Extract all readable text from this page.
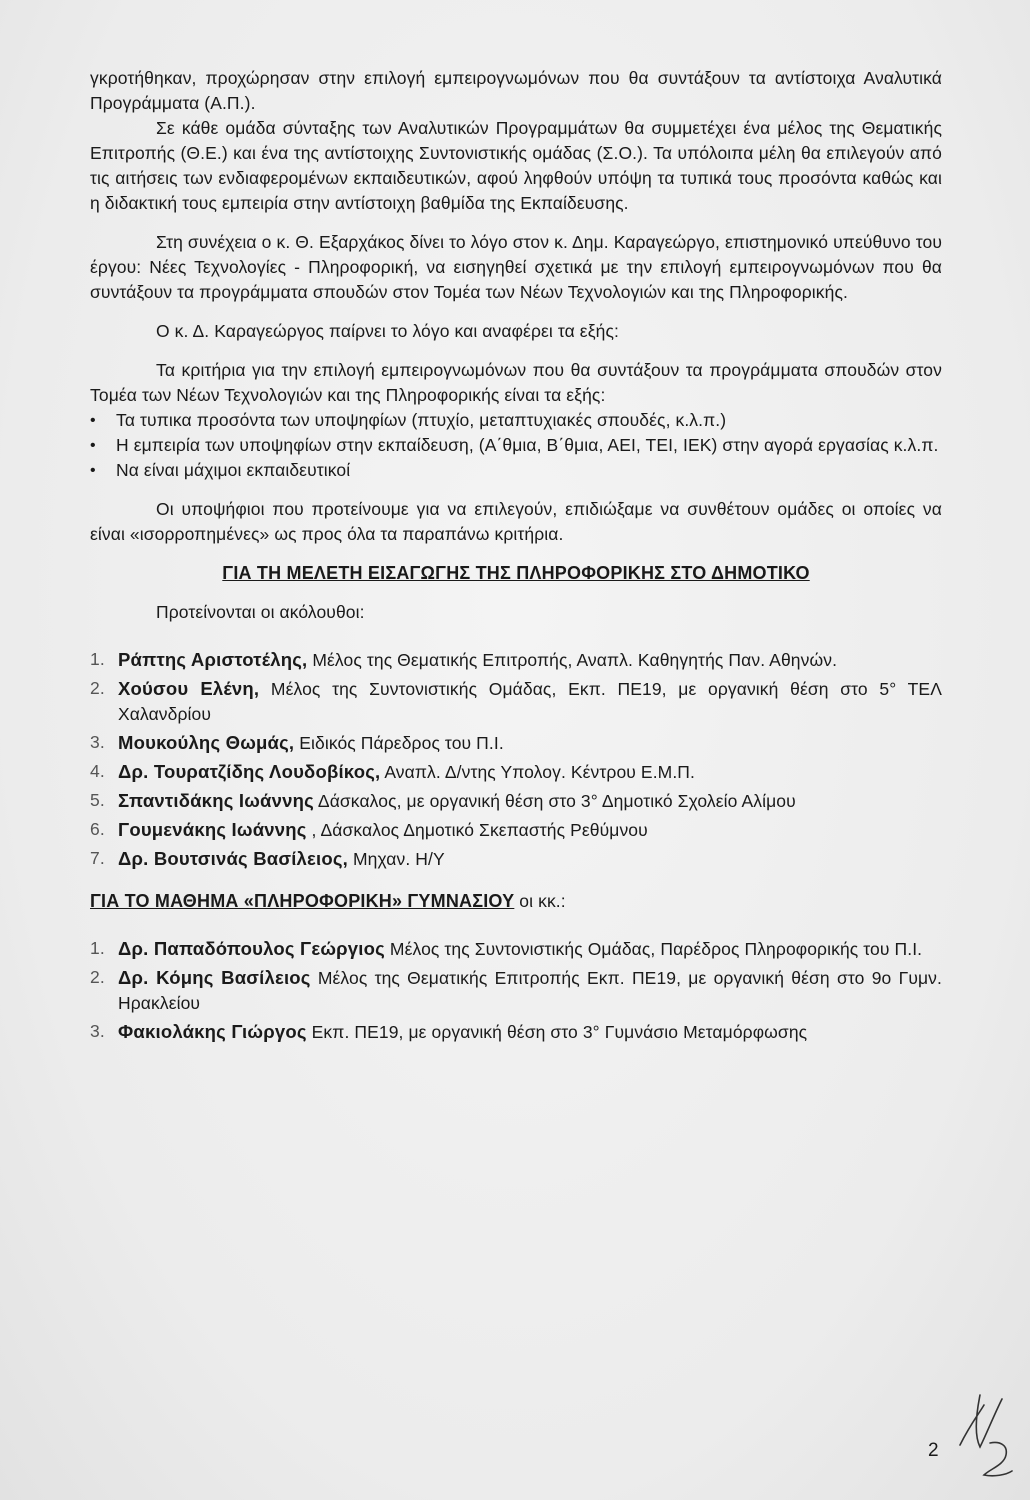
γκροτήθηκαν, προχώρησαν στην επιλογή εμπειρογνωμόνων που θα συντάξουν τα αντίστοιχα Αναλυτικά Προγράμματα (Α.Π.).

Σε κάθε ομάδα σύνταξης των Αναλυτικών Προγραμμάτων θα συμμετέχει ένα μέλος της Θεματικής Επιτροπής (Θ.Ε.) και ένα της αντίστοιχης Συντονιστικής ομάδας (Σ.Ο.). Τα υπόλοιπα μέλη θα επιλεγούν από τις αιτήσεις των ενδιαφερομένων εκπαιδευτικών, αφού ληφθούν υπόψη τα τυπικά τους προσόντα καθώς και η διδακτική τους εμπειρία στην αντίστοιχη βαθμίδα της Εκπαίδευσης.

Στη συνέχεια ο κ. Θ. Εξαρχάκος δίνει το λόγο στον κ. Δημ. Καραγεώργο, επιστημονικό υπεύθυνο του έργου: Νέες Τεχνολογίες - Πληροφορική, να εισηγηθεί σχετικά με την επιλογή εμπειρογνωμόνων που θα συντάξουν τα προγράμματα σπουδών στον Τομέα των Νέων Τεχνολογιών και της Πληροφορικής.

Ο κ. Δ. Καραγεώργος παίρνει το λόγο και αναφέρει τα εξής:

Τα κριτήρια για την επιλογή εμπειρογνωμόνων που θα συντάξουν τα προγράμματα σπουδών στον Τομέα των Νέων Τεχνολογιών και της Πληροφορικής είναι τα εξής:

• Τα τυπικα προσόντα των υποψηφίων (πτυχίο, μεταπτυχιακές σπουδές, κ.λ.π.)
• Η εμπειρία των υποψηφίων στην εκπαίδευση, (Α΄θμια, Β΄θμια, ΑΕΙ, ΤΕΙ, ΙΕΚ) στην αγορά εργασίας κ.λ.π.
• Να είναι μάχιμοι εκπαιδευτικοί

Οι υποψήφιοι που προτείνουμε για να επιλεγούν, επιδιώξαμε να συνθέτουν ομάδες οι οποίες να είναι «ισορροπημένες» ως προς όλα τα παραπάνω κριτήρια.

ΓΙΑ ΤΗ ΜΕΛΕΤΗ ΕΙΣΑΓΩΓΗΣ ΤΗΣ ΠΛΗΡΟΦΟΡΙΚΗΣ ΣΤΟ ΔΗΜΟΤΙΚΟ

Προτείνονται οι ακόλουθοι:

1. Ράπτης Αριστοτέλης, Μέλος της Θεματικής Επιτροπής, Αναπλ. Καθηγητής Παν. Αθηνών.
2. Χούσου Ελένη, Μέλος της Συντονιστικής Ομάδας, Εκπ. ΠΕ19, με οργανική θέση στο 5° ΤΕΛ Χαλανδρίου
3. Μουκούλης Θωμάς, Ειδικός Πάρεδρος του Π.Ι.
4. Δρ. Τουρατζίδης Λουδοβίκος, Αναπλ. Δ/ντης Υπολογ. Κέντρου Ε.Μ.Π.
5. Σπαντιδάκης Ιωάννης Δάσκαλος, με οργανική θέση στο 3° Δημοτικό Σχολείο Αλίμου
6. Γουμενάκης Ιωάννης , Δάσκαλος Δημοτικό Σκεπαστής Ρεθύμνου
7. Δρ. Βουτσινάς Βασίλειος, Μηχαν. Η/Υ

ΓΙΑ ΤΟ ΜΑΘΗΜΑ «ΠΛΗΡΟΦΟΡΙΚΗ» ΓΥΜΝΑΣΙΟΥ οι κκ.:

1. Δρ. Παπαδόπουλος Γεώργιος Μέλος της Συντονιστικής Ομάδας, Παρέδρος Πληροφορικής του Π.Ι.
2. Δρ. Κόμης Βασίλειος Μέλος της Θεματικής Επιτροπής Εκπ. ΠΕ19, με οργανική θέση στο 9ο Γυμν. Ηρακλείου
3. Φακιολάκης Γιώργος Εκπ. ΠΕ19, με οργανική θέση στο 3° Γυμνάσιο Μεταμόρφωσης
2
